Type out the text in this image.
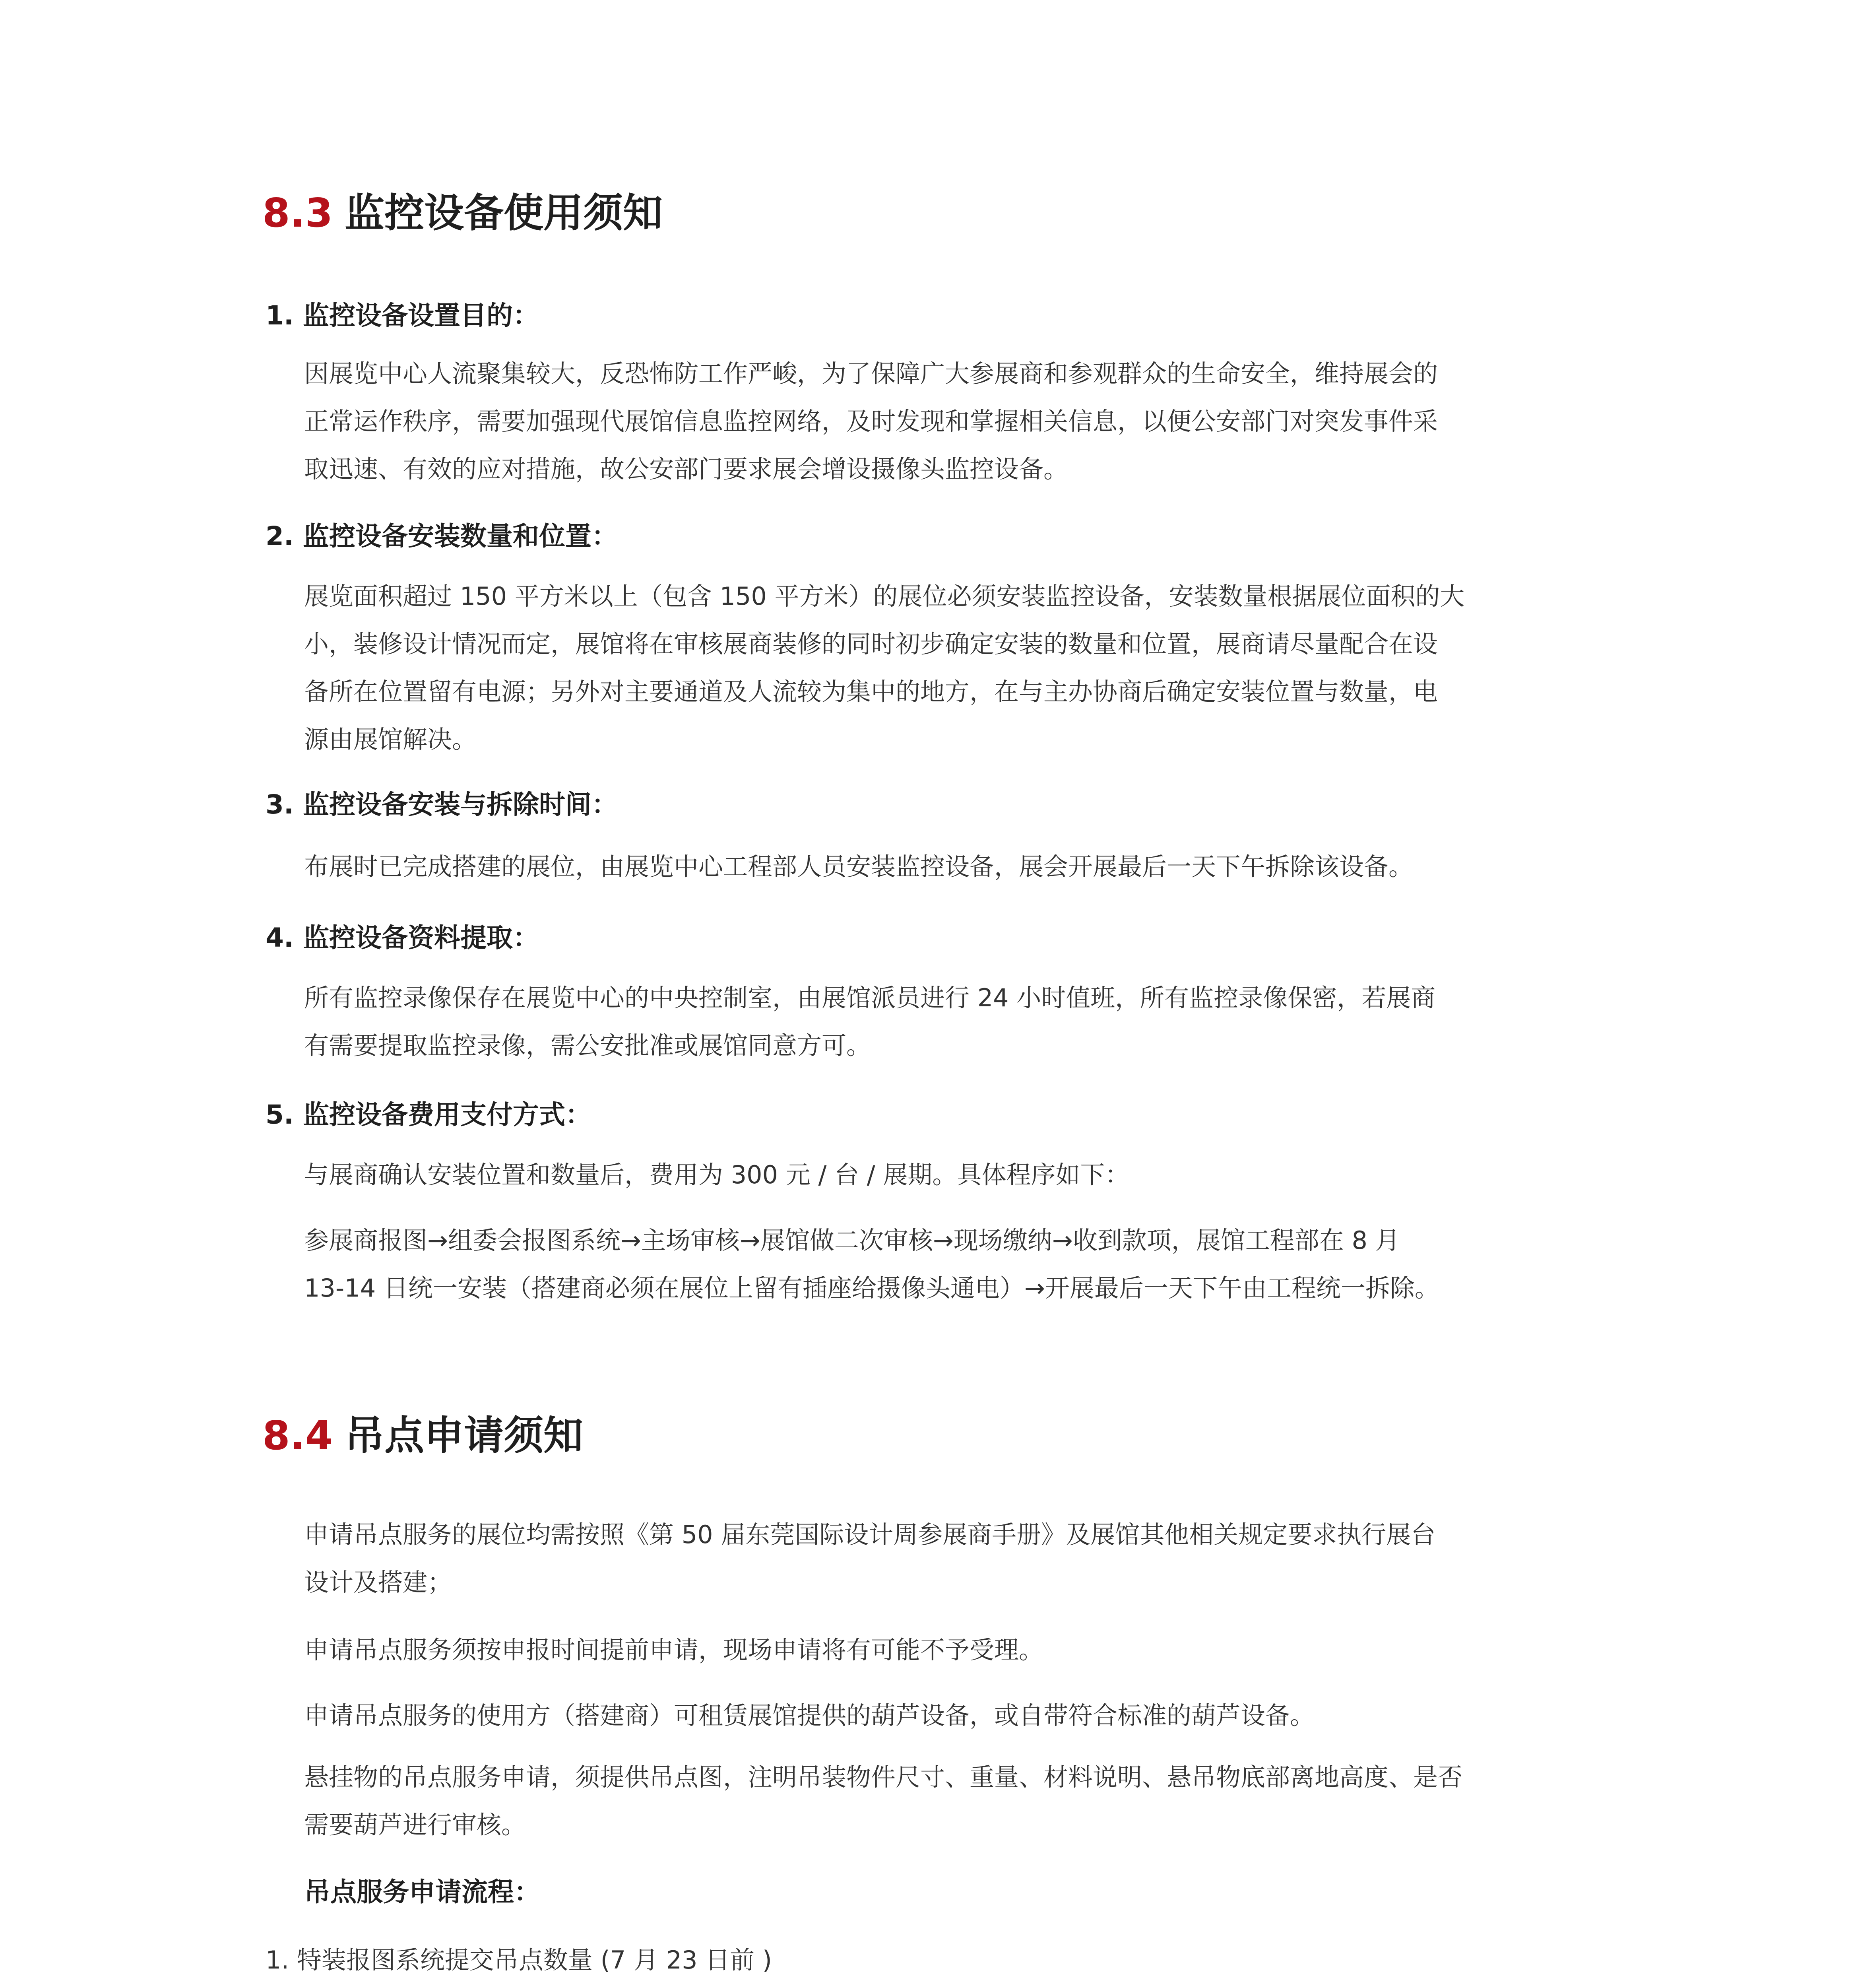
8.3 监控设备使用须知
1. 监控设备设置目的：

因展览中心人流聚集较大，反恐怖防工作严峻，为了保障广大参展商和参观群众的生命安全，维持展会的

正常运作秩序，需要加强现代展馆信息监控网络，及时发现和掌握相关信息，以便公安部门对突发事件采

取迅速、有效的应对措施，故公安部门要求展会增设摄像头监控设备。

2. 监控设备安装数量和位置：

展览面积超过 150 平方米以上（包含 150 平方米）的展位必须安装监控设备，安装数量根据展位面积的大

小，装修设计情况而定，展馆将在审核展商装修的同时初步确定安装的数量和位置，展商请尽量配合在设

备所在位置留有电源；另外对主要通道及人流较为集中的地方，在与主办协商后确定安装位置与数量，电

源由展馆解决。

3. 监控设备安装与拆除时间：

布展时已完成搭建的展位，由展览中心工程部人员安装监控设备，展会开展最后一天下午拆除该设备。

4. 监控设备资料提取：

所有监控录像保存在展览中心的中央控制室，由展馆派员进行 24 小时值班，所有监控录像保密，若展商

有需要提取监控录像，需公安批准或展馆同意方可。

5. 监控设备费用支付方式：

与展商确认安装位置和数量后，费用为 300 元 / 台 / 展期。具体程序如下：

参展商报图→组委会报图系统→主场审核→展馆做二次审核→现场缴纳→收到款项，展馆工程部在 8 月

13-14 日统一安装（搭建商必须在展位上留有插座给摄像头通电）→开展最后一天下午由工程统一拆除。

8.4 吊点申请须知

申请吊点服务的展位均需按照《第 50 届东莞国际设计周参展商手册》及展馆其他相关规定要求执行展台

设计及搭建；

申请吊点服务须按申报时间提前申请，现场申请将有可能不予受理。

申请吊点服务的使用方（搭建商）可租赁展馆提供的葫芦设备，或自带符合标准的葫芦设备。

悬挂物的吊点服务申请，须提供吊点图，注明吊装物件尺寸、重量、材料说明、悬吊物底部离地高度、是否

需要葫芦进行审核。

吊点服务申请流程：
1. 特装报图系统提交吊点数量 (7 月 23 日前 )
